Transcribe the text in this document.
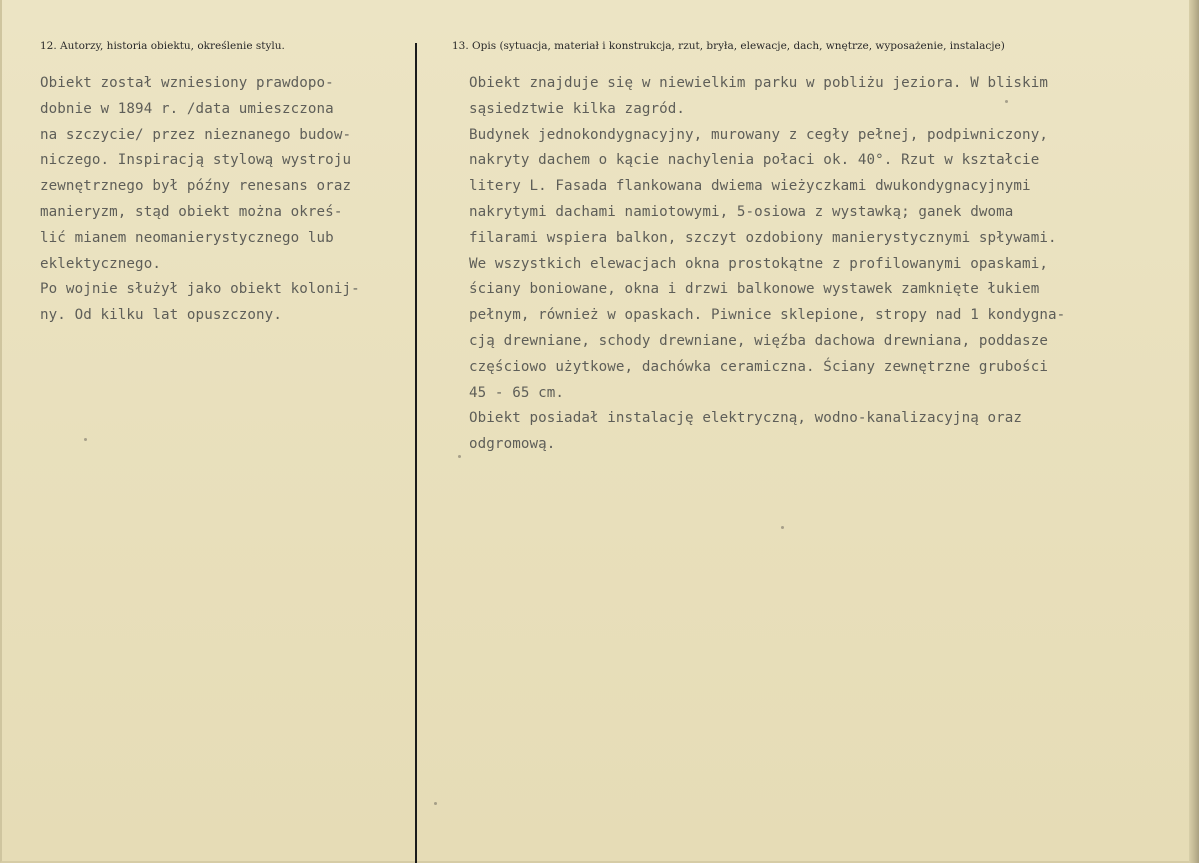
12. Autorzy, historia obiektu, określenie stylu.	13. Opis (sytuacja, materiał i konstrukcja, rzut, bryła, elewacje, dach, wnętrze, wyposażenie, instalacje)
Obiekt został wzniesiony prawdopo-
dobnie w 1894 r. /data umieszczona
na szczycie/ przez nieznanego budow-
niczego. Inspiracją stylową wystroju
zewnętrznego był późny renesans oraz
manieryzm, stąd obiekt można okreś-
lić mianem neomanierystycznego lub
eklektycznego.
Po wojnie służył jako obiekt kolonij-
ny. Od kilku lat opuszczony.
Obiekt znajduje się w niewielkim parku w pobliżu jeziora. W bliskim
sąsiedztwie kilka zagród.
Budynek jednokondygnacyjny, murowany z cegły pełnej, podpiwniczony,
nakryty dachem o kącie nachylenia połaci ok. 40°. Rzut w kształcie
litery L. Fasada flankowana dwiema wieżyczkami dwukondygnacyjnymi
nakrytymi dachami namiotowymi, 5-osiowa z wystawką; ganek dwoma
filarami wspiera balkon, szczyt ozdobiony manierystycznymi spływami.
We wszystkich elewacjach okna prostokątne z profilowanymi opaskami,
ściany boniowane, okna i drzwi balkonowe wystawek zamknięte łukiem
pełnym, również w opaskach. Piwnice sklepione, stropy nad 1 kondygna-
cją drewniane, schody drewniane, więźba dachowa drewniana, poddasze
częściowo użytkowe, dachówka ceramiczna. Ściany zewnętrzne grubości
45 - 65 cm.
Obiekt posiadał instalację elektryczną, wodno-kanalizacyjną oraz
odgromową.
